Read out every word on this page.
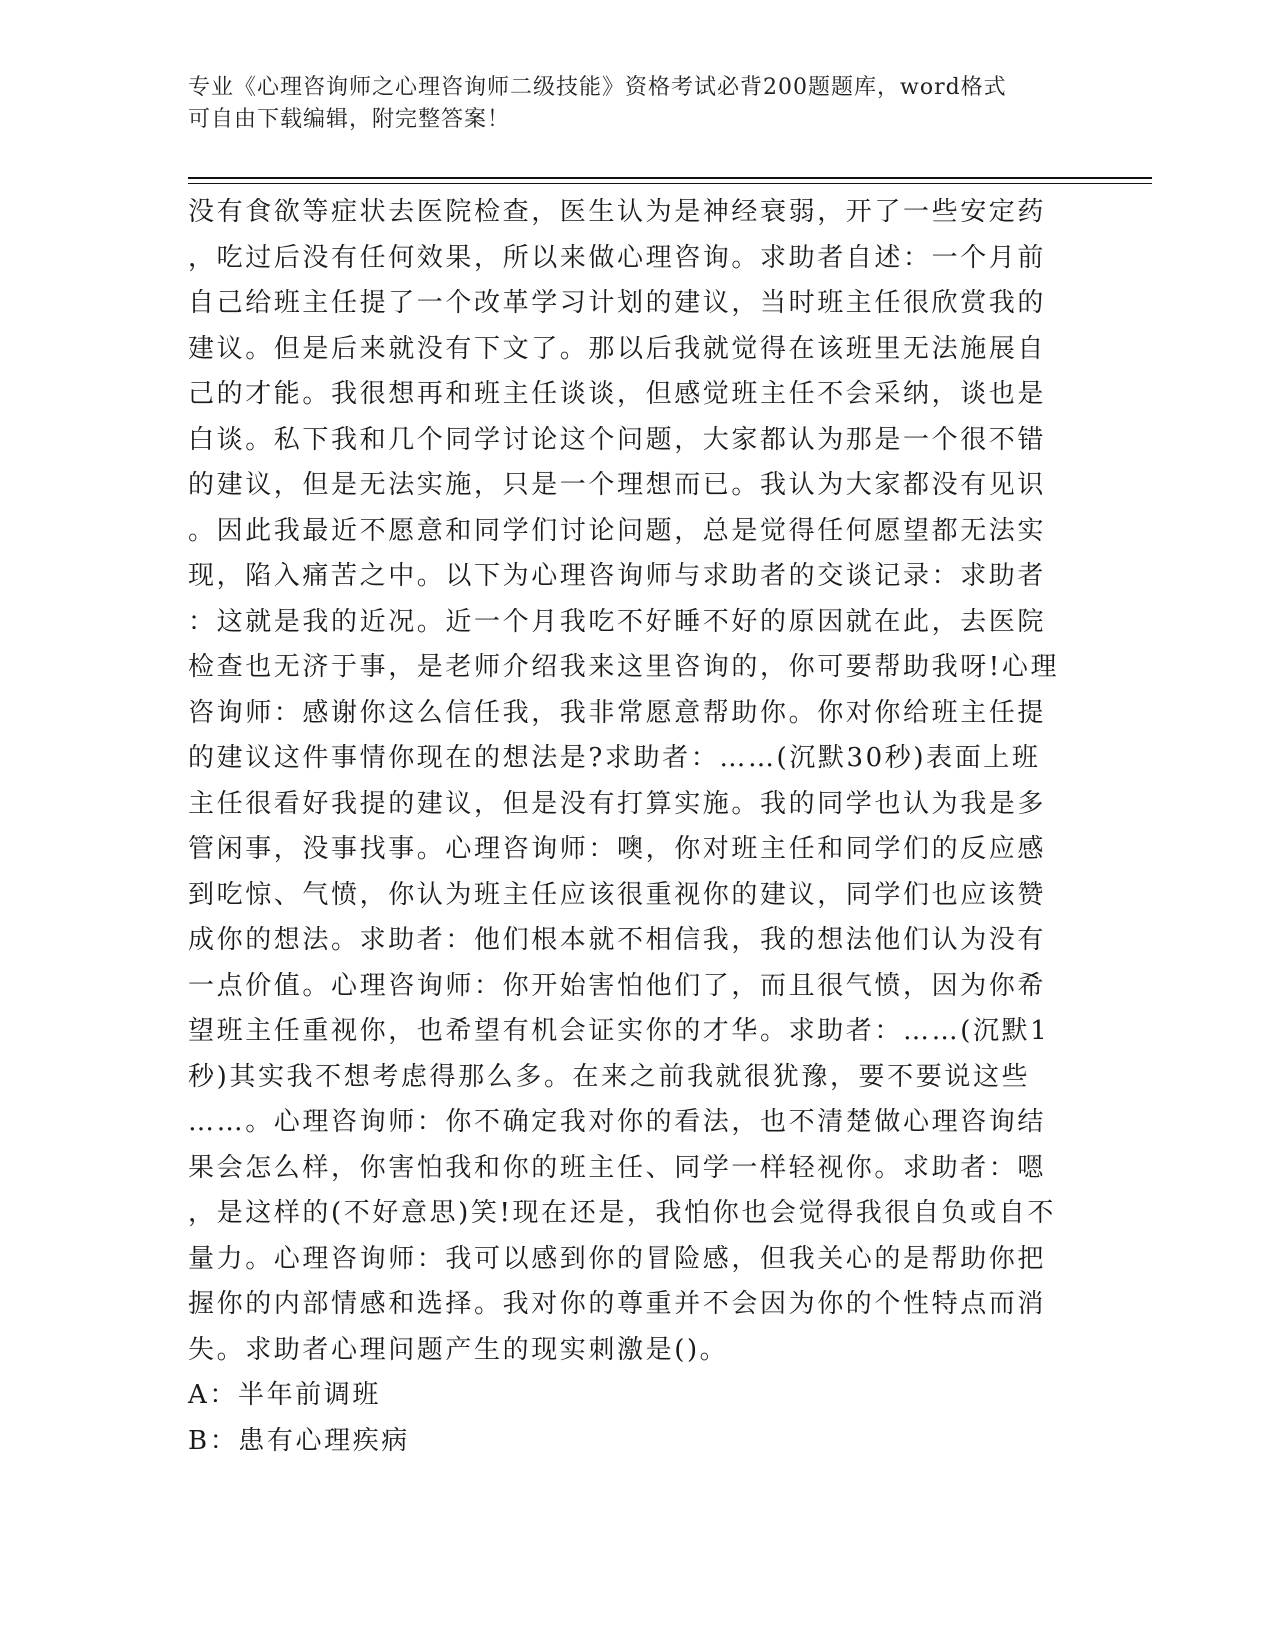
专业《心理咨询师之心理咨询师二级技能》资格考试必背200题题库，word格式
可自由下载编辑，附完整答案！
没有食欲等症状去医院检查，医生认为是神经衰弱，开了一些安定药
，吃过后没有任何效果，所以来做心理咨询。求助者自述：一个月前
自己给班主任提了一个改革学习计划的建议，当时班主任很欣赏我的
建议。但是后来就没有下文了。那以后我就觉得在该班里无法施展自
己的才能。我很想再和班主任谈谈，但感觉班主任不会采纳，谈也是
白谈。私下我和几个同学讨论这个问题，大家都认为那是一个很不错
的建议，但是无法实施，只是一个理想而已。我认为大家都没有见识
。因此我最近不愿意和同学们讨论问题，总是觉得任何愿望都无法实
现，陷入痛苦之中。以下为心理咨询师与求助者的交谈记录：求助者
：这就是我的近况。近一个月我吃不好睡不好的原因就在此，去医院
检查也无济于事，是老师介绍我来这里咨询的，你可要帮助我呀!心理
咨询师：感谢你这么信任我，我非常愿意帮助你。你对你给班主任提
的建议这件事情你现在的想法是?求助者：……(沉默30秒)表面上班
主任很看好我提的建议，但是没有打算实施。我的同学也认为我是多
管闲事，没事找事。心理咨询师：噢，你对班主任和同学们的反应感
到吃惊、气愤，你认为班主任应该很重视你的建议，同学们也应该赞
成你的想法。求助者：他们根本就不相信我，我的想法他们认为没有
一点价值。心理咨询师：你开始害怕他们了，而且很气愤，因为你希
望班主任重视你，也希望有机会证实你的才华。求助者：……(沉默1
秒)其实我不想考虑得那么多。在来之前我就很犹豫，要不要说这些
……。心理咨询师：你不确定我对你的看法，也不清楚做心理咨询结
果会怎么样，你害怕我和你的班主任、同学一样轻视你。求助者：嗯
，是这样的(不好意思)笑!现在还是，我怕你也会觉得我很自负或自不
量力。心理咨询师：我可以感到你的冒险感，但我关心的是帮助你把
握你的内部情感和选择。我对你的尊重并不会因为你的个性特点而消
失。求助者心理问题产生的现实刺激是()。
A：半年前调班
B：患有心理疾病
